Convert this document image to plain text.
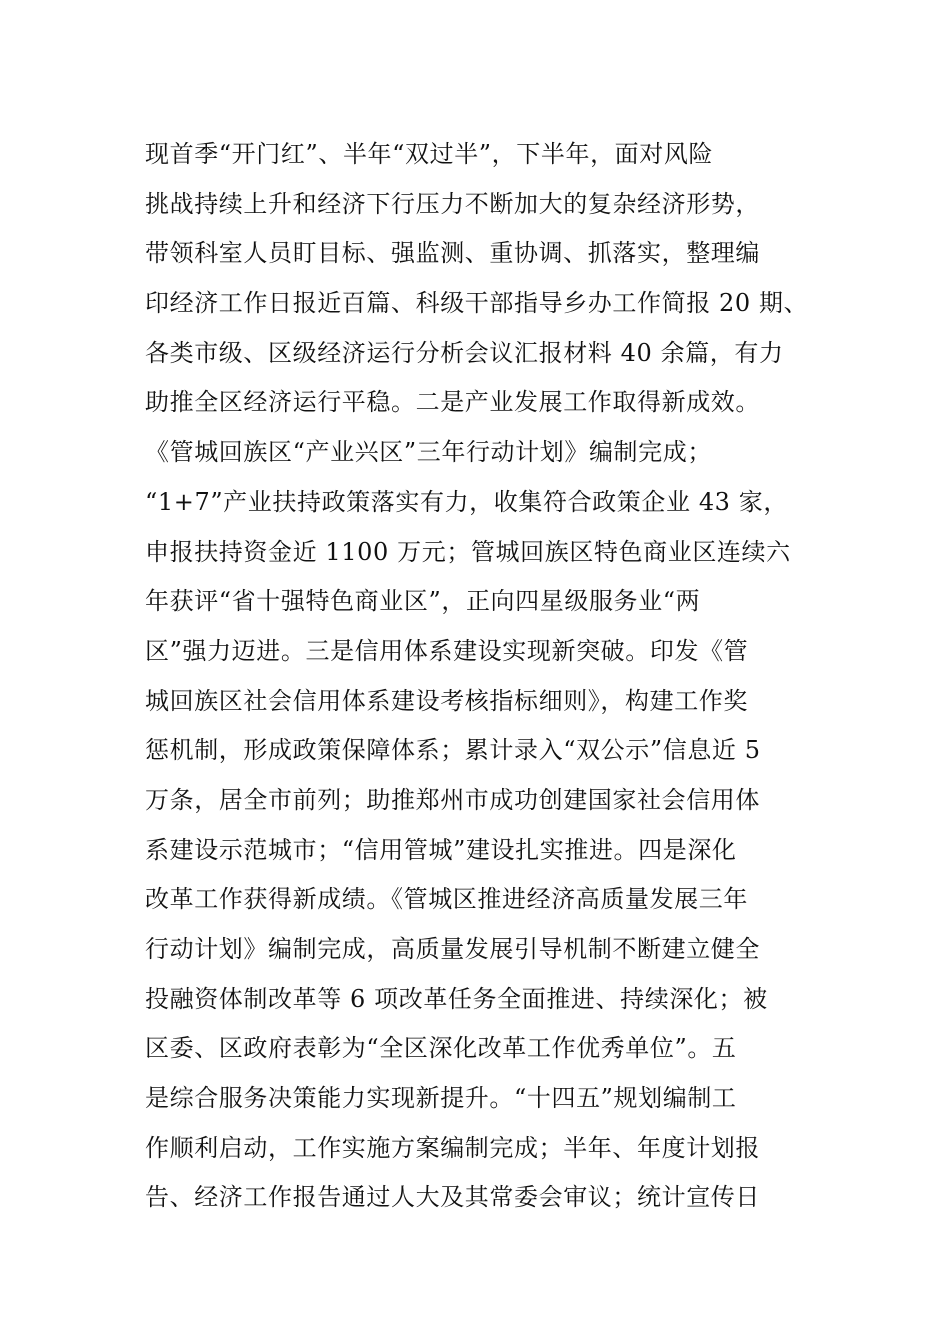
现首季“开门红”、半年“双过半”，下半年，面对风险
挑战持续上升和经济下行压力不断加大的复杂经济形势，
带领科室人员盯目标、强监测、重协调、抓落实，整理编
印经济工作日报近百篇、科级干部指导乡办工作简报 20 期、
各类市级、区级经济运行分析会议汇报材料 40 余篇，有力
助推全区经济运行平稳。二是产业发展工作取得新成效。
《管城回族区“产业兴区”三年行动计划》编制完成；
“1+7”产业扶持政策落实有力，收集符合政策企业 43 家，
申报扶持资金近 1100 万元；管城回族区特色商业区连续六
年获评“省十强特色商业区”，正向四星级服务业“两
区”强力迈进。三是信用体系建设实现新突破。印发《管
城回族区社会信用体系建设考核指标细则》，构建工作奖
惩机制，形成政策保障体系；累计录入“双公示”信息近 5
万条，居全市前列；助推郑州市成功创建国家社会信用体
系建设示范城市；“信用管城”建设扎实推进。四是深化
改革工作获得新成绩。《管城区推进经济高质量发展三年
行动计划》编制完成，高质量发展引导机制不断建立健全
投融资体制改革等 6 项改革任务全面推进、持续深化；被
区委、区政府表彰为“全区深化改革工作优秀单位”。五
是综合服务决策能力实现新提升。“十四五”规划编制工
作顺利启动，工作实施方案编制完成；半年、年度计划报
告、经济工作报告通过人大及其常委会审议；统计宣传日
